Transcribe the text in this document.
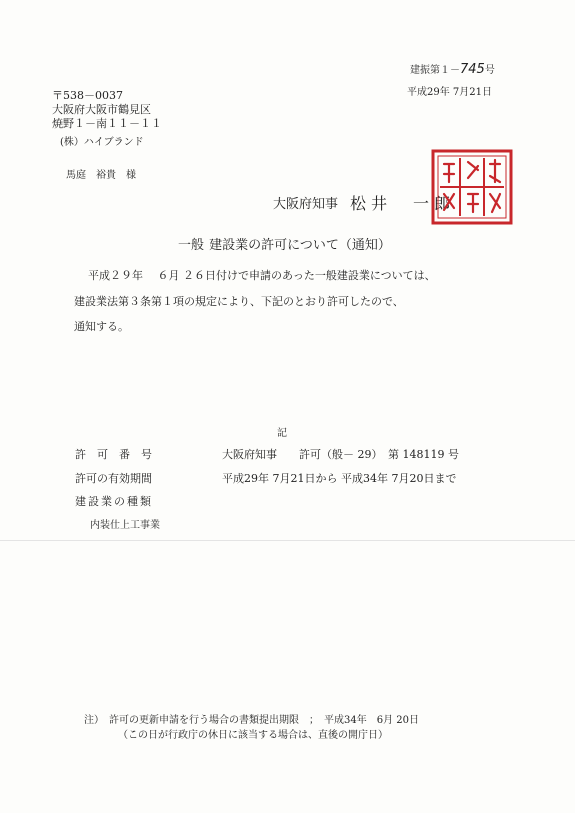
建振第１－745号
平成29年 7月21日
〒538－0037
大阪府大阪市鶴見区
焼野１－南１１－１１
(株）ハイブランド
馬庭　裕貴　様
大阪府知事 松井　一郎
一般 建設業の許可について（通知）
平成２９年　 ６月 ２６日付けで申請のあった一般建設業については、
建設業法第３条第１項の規定により、下記のとおり許可したので、
通知する。
記
許　可　番　号	大阪府知事　　許可（般－ 29）　第 148119 号
許可の有効期間	平成29年 7月21日から 平成34年 7月20日まで
建設業の種類
内装仕上工事業
注）　許可の更新申請を行う場合の書類提出期限　；　平成34年　6月 20日
（この日が行政庁の休日に該当する場合は、直後の開庁日）
